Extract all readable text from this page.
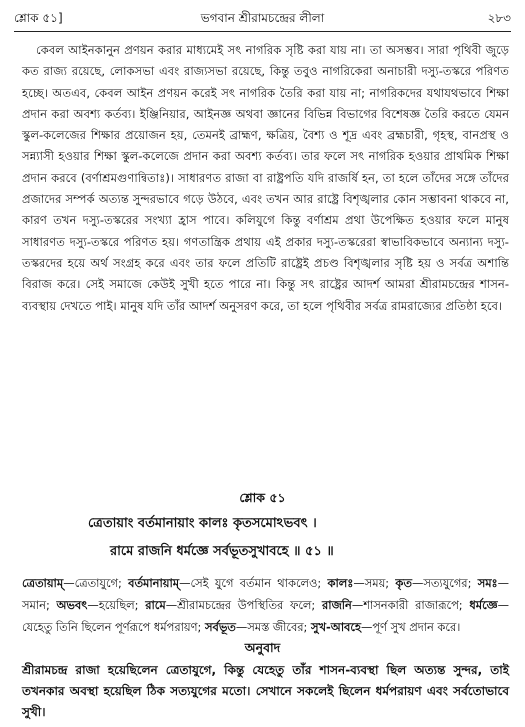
শ্লোক ৫১]	ভগবান শ্রীরামচন্দ্রের লীলা	২৮৩
কেবল আইনকানুন প্রণয়ন করার মাধ্যমেই সৎ নাগরিক সৃষ্টি করা যায় না। তা অসম্ভব। সারা পৃথিবী জুড়ে কত রাজ্য রয়েছে, লোকসভা এবং রাজ্যসভা রয়েছে, কিন্তু তবুও নাগরিকেরা অনাচারী দস্যু-তস্করে পরিণত হচ্ছে। অতএব, কেবল আইন প্রণয়ন করেই সৎ নাগরিক তৈরি করা যায় না; নাগরিকদের যথাযথভাবে শিক্ষা প্রদান করা অবশ্য কর্তব্য। ইঞ্জিনিয়ার, আইনজ্ঞ অথবা জ্ঞানের বিভিন্ন বিভাগের বিশেষজ্ঞ তৈরি করতে যেমন স্কুল-কলেজের শিক্ষার প্রয়োজন হয়, তেমনই ব্রাহ্মণ, ক্ষত্রিয়, বৈশ্য ও শূদ্র এবং ব্রহ্মচারী, গৃহস্থ, বানপ্রস্থ ও সন্ন্যাসী হওয়ার শিক্ষা স্কুল-কলেজে প্রদান করা অবশ্য কর্তব্য। তার ফলে সৎ নাগরিক হওয়ার প্রাথমিক শিক্ষা প্রদান করবে (বর্ণাশ্রমগুণান্বিতাঃ)। সাধারণত রাজা বা রাষ্ট্রপতি যদি রাজর্ষি হন, তা হলে তাঁদের সঙ্গে তাঁদের প্রজাদের সম্পর্ক অত্যন্ত সুন্দরভাবে গড়ে উঠবে, এবং তখন আর রাষ্ট্রে বিশৃঙ্খলার কোন সম্ভাবনা থাকবে না, কারণ তখন দস্যু-তস্করের সংখ্যা হ্রাস পাবে। কলিযুগে কিন্তু বর্ণাশ্রম প্রথা উপেক্ষিত হওয়ার ফলে মানুষ সাধারণত দস্যু-তস্করে পরিণত হয়। গণতান্ত্রিক প্রথায় এই প্রকার দস্যু-তস্করেরা স্বাভাবিকভাবে অন্যান্য দস্যু-তস্করদের হয়ে অর্থ সংগ্রহ করে এবং তার ফলে প্রতিটি রাষ্ট্রেই প্রচণ্ড বিশৃঙ্খলার সৃষ্টি হয় ও সর্বত্র অশান্তি বিরাজ করে। সেই সমাজে কেউই সুখী হতে পারে না। কিন্তু সৎ রাষ্ট্রের আদর্শ আমরা শ্রীরামচন্দ্রের শাসন-ব্যবস্থায় দেখতে পাই। মানুষ যদি তাঁর আদর্শ অনুসরণ করে, তা হলে পৃথিবীর সর্বত্র রামরাজ্যের প্রতিষ্ঠা হবে।
শ্লোক ৫১
ত্রেতায়াং বর্তমানায়াং কালঃ কৃতসমোঽভবৎ ।
রামে রাজনি ধর্মজ্ঞে সর্বভূতসুখাবহে ॥ ৫১ ॥
ত্রেতায়াম্—ত্রেতাযুগে; বর্তমানায়াম্—সেই যুগে বর্তমান থাকলেও; কালঃ—সময়; কৃত—সত্যযুগের; সমঃ—সমান; অভবৎ—হয়েছিল; রামে—শ্রীরামচন্দ্রের উপস্থিতির ফলে; রাজনি—শাসনকারী রাজারূপে; ধর্মজ্ঞে—যেহেতু তিনি ছিলেন পূর্ণরূপে ধর্মপরায়ণ; সর্বভূত—সমস্ত জীবের; সুখ-আবহে—পূর্ণ সুখ প্রদান করে।
অনুবাদ
শ্রীরামচন্দ্র রাজা হয়েছিলেন ত্রেতাযুগে, কিন্তু যেহেতু তাঁর শাসন-ব্যবস্থা ছিল অত্যন্ত সুন্দর, তাই তখনকার অবস্থা হয়েছিল ঠিক সত্যযুগের মতো। সেখানে সকলেই ছিলেন ধর্মপরায়ণ এবং সর্বতোভাবে সুখী।
